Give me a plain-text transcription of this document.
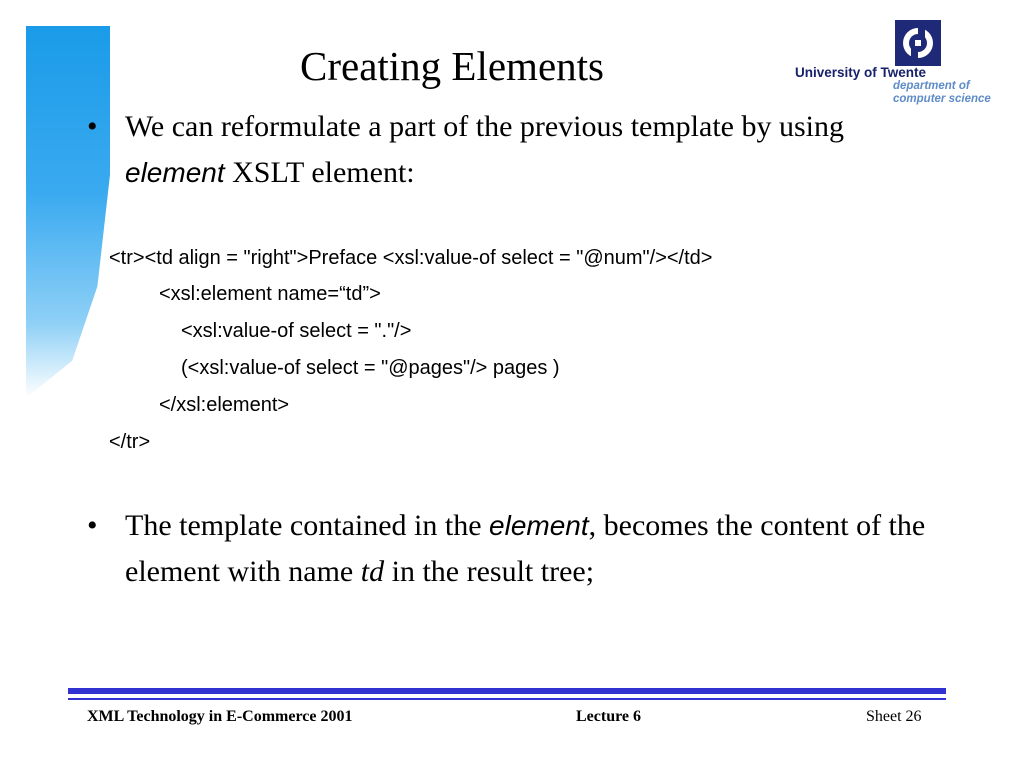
Creating Elements	University of Twente
department of
computer science
• We can reformulate a part of the previous template by using element XSLT element:
<tr><td align = "right">Preface <xsl:value-of select = "@num"/></td>
<xsl:element name=“td”>
<xsl:value-of select = "."/>
(<xsl:value-of select = "@pages"/> pages )
</xsl:element>
</tr>
• The template contained in the element, becomes the content of the element with name td in the result tree;
XML Technology in E-Commerce 2001	Lecture 6	Sheet 26
